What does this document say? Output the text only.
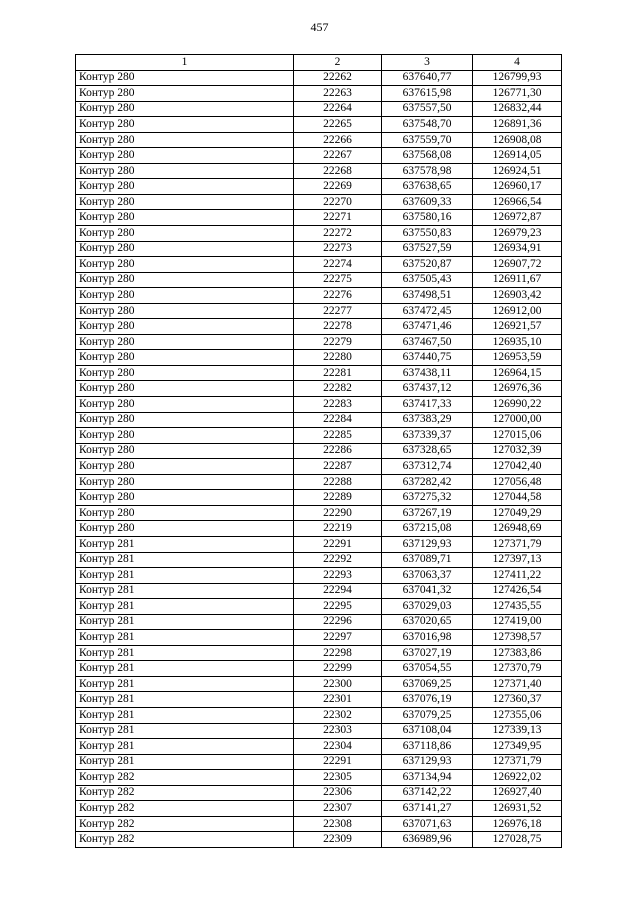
457
1	2	3	4
Контур 280	22262	637640,77	126799,93
Контур 280	22263	637615,98	126771,30
Контур 280	22264	637557,50	126832,44
Контур 280	22265	637548,70	126891,36
Контур 280	22266	637559,70	126908,08
Контур 280	22267	637568,08	126914,05
Контур 280	22268	637578,98	126924,51
Контур 280	22269	637638,65	126960,17
Контур 280	22270	637609,33	126966,54
Контур 280	22271	637580,16	126972,87
Контур 280	22272	637550,83	126979,23
Контур 280	22273	637527,59	126934,91
Контур 280	22274	637520,87	126907,72
Контур 280	22275	637505,43	126911,67
Контур 280	22276	637498,51	126903,42
Контур 280	22277	637472,45	126912,00
Контур 280	22278	637471,46	126921,57
Контур 280	22279	637467,50	126935,10
Контур 280	22280	637440,75	126953,59
Контур 280	22281	637438,11	126964,15
Контур 280	22282	637437,12	126976,36
Контур 280	22283	637417,33	126990,22
Контур 280	22284	637383,29	127000,00
Контур 280	22285	637339,37	127015,06
Контур 280	22286	637328,65	127032,39
Контур 280	22287	637312,74	127042,40
Контур 280	22288	637282,42	127056,48
Контур 280	22289	637275,32	127044,58
Контур 280	22290	637267,19	127049,29
Контур 280	22219	637215,08	126948,69
Контур 281	22291	637129,93	127371,79
Контур 281	22292	637089,71	127397,13
Контур 281	22293	637063,37	127411,22
Контур 281	22294	637041,32	127426,54
Контур 281	22295	637029,03	127435,55
Контур 281	22296	637020,65	127419,00
Контур 281	22297	637016,98	127398,57
Контур 281	22298	637027,19	127383,86
Контур 281	22299	637054,55	127370,79
Контур 281	22300	637069,25	127371,40
Контур 281	22301	637076,19	127360,37
Контур 281	22302	637079,25	127355,06
Контур 281	22303	637108,04	127339,13
Контур 281	22304	637118,86	127349,95
Контур 281	22291	637129,93	127371,79
Контур 282	22305	637134,94	126922,02
Контур 282	22306	637142,22	126927,40
Контур 282	22307	637141,27	126931,52
Контур 282	22308	637071,63	126976,18
Контур 282	22309	636989,96	127028,75
